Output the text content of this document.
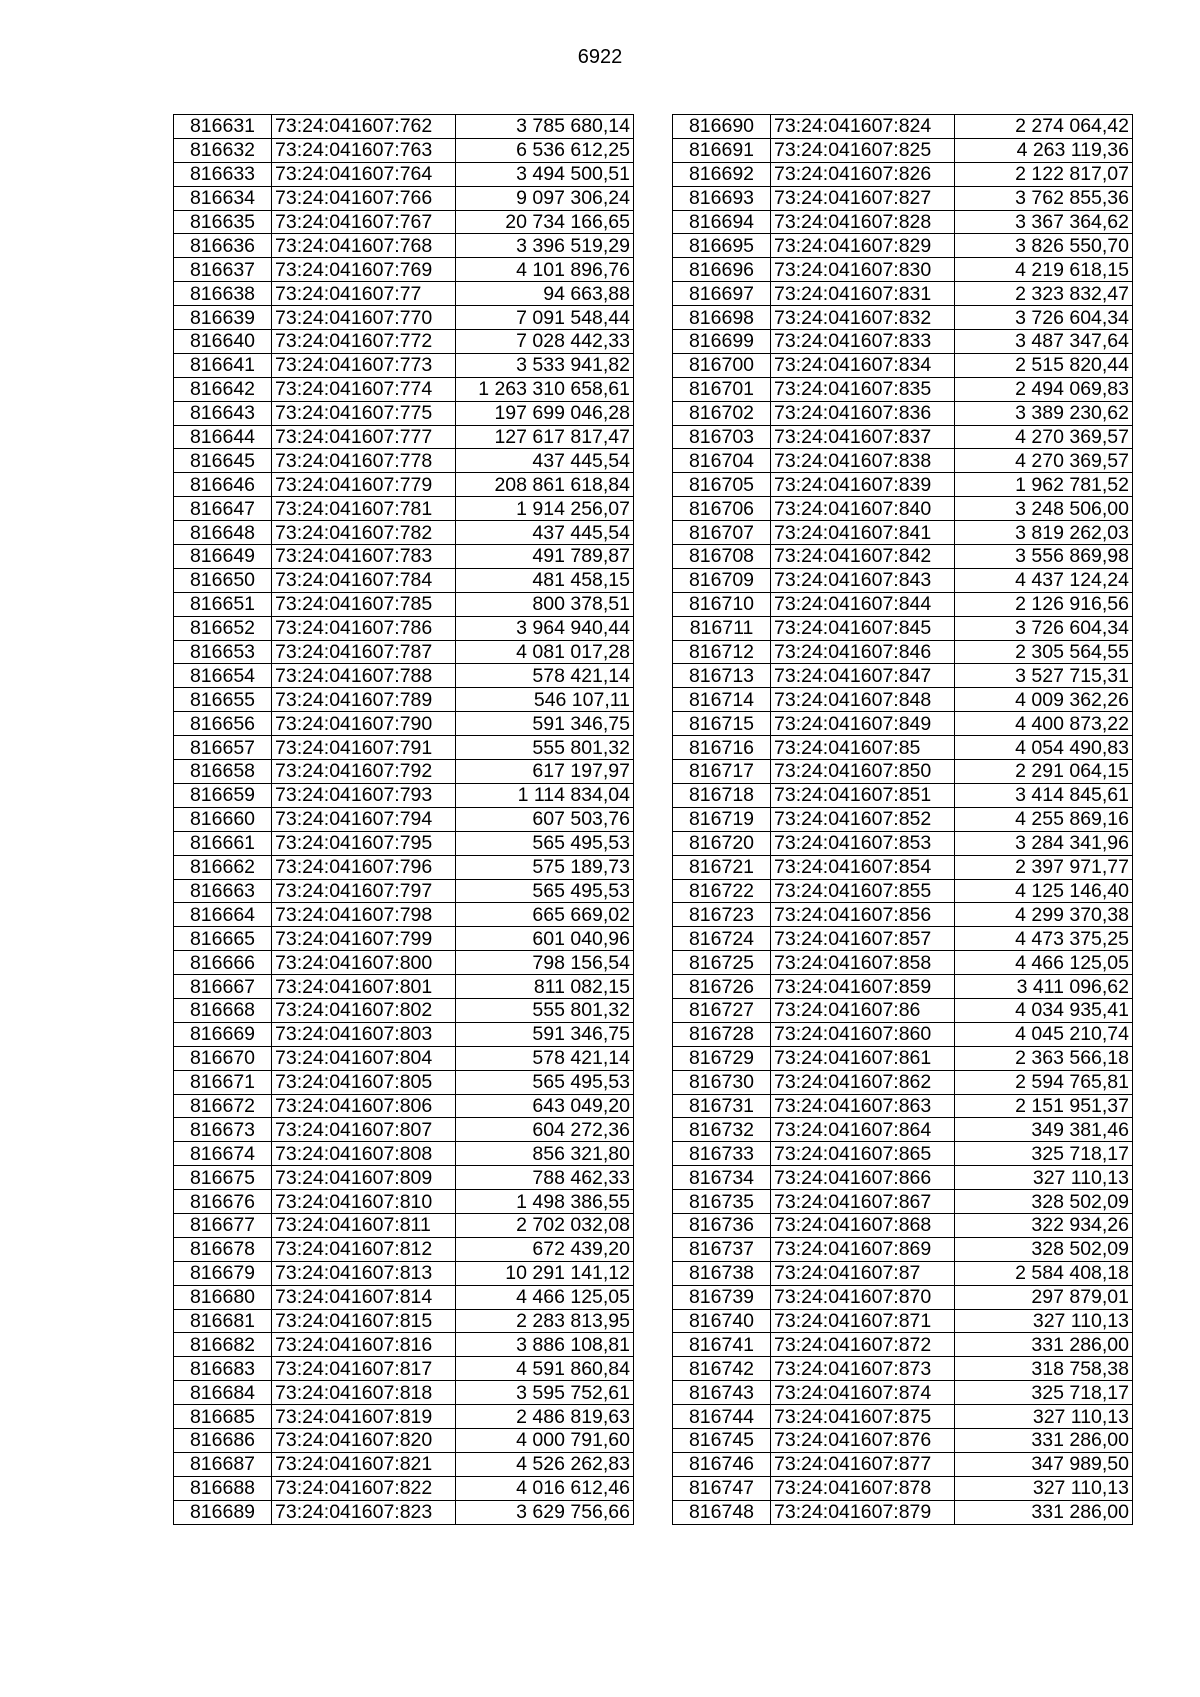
6922
816631	73:24:041607:762	3 785 680,14
816632	73:24:041607:763	6 536 612,25
816633	73:24:041607:764	3 494 500,51
816634	73:24:041607:766	9 097 306,24
816635	73:24:041607:767	20 734 166,65
816636	73:24:041607:768	3 396 519,29
816637	73:24:041607:769	4 101 896,76
816638	73:24:041607:77	94 663,88
816639	73:24:041607:770	7 091 548,44
816640	73:24:041607:772	7 028 442,33
816641	73:24:041607:773	3 533 941,82
816642	73:24:041607:774	1 263 310 658,61
816643	73:24:041607:775	197 699 046,28
816644	73:24:041607:777	127 617 817,47
816645	73:24:041607:778	437 445,54
816646	73:24:041607:779	208 861 618,84
816647	73:24:041607:781	1 914 256,07
816648	73:24:041607:782	437 445,54
816649	73:24:041607:783	491 789,87
816650	73:24:041607:784	481 458,15
816651	73:24:041607:785	800 378,51
816652	73:24:041607:786	3 964 940,44
816653	73:24:041607:787	4 081 017,28
816654	73:24:041607:788	578 421,14
816655	73:24:041607:789	546 107,11
816656	73:24:041607:790	591 346,75
816657	73:24:041607:791	555 801,32
816658	73:24:041607:792	617 197,97
816659	73:24:041607:793	1 114 834,04
816660	73:24:041607:794	607 503,76
816661	73:24:041607:795	565 495,53
816662	73:24:041607:796	575 189,73
816663	73:24:041607:797	565 495,53
816664	73:24:041607:798	665 669,02
816665	73:24:041607:799	601 040,96
816666	73:24:041607:800	798 156,54
816667	73:24:041607:801	811 082,15
816668	73:24:041607:802	555 801,32
816669	73:24:041607:803	591 346,75
816670	73:24:041607:804	578 421,14
816671	73:24:041607:805	565 495,53
816672	73:24:041607:806	643 049,20
816673	73:24:041607:807	604 272,36
816674	73:24:041607:808	856 321,80
816675	73:24:041607:809	788 462,33
816676	73:24:041607:810	1 498 386,55
816677	73:24:041607:811	2 702 032,08
816678	73:24:041607:812	672 439,20
816679	73:24:041607:813	10 291 141,12
816680	73:24:041607:814	4 466 125,05
816681	73:24:041607:815	2 283 813,95
816682	73:24:041607:816	3 886 108,81
816683	73:24:041607:817	4 591 860,84
816684	73:24:041607:818	3 595 752,61
816685	73:24:041607:819	2 486 819,63
816686	73:24:041607:820	4 000 791,60
816687	73:24:041607:821	4 526 262,83
816688	73:24:041607:822	4 016 612,46
816689	73:24:041607:823	3 629 756,66
816690	73:24:041607:824	2 274 064,42
816691	73:24:041607:825	4 263 119,36
816692	73:24:041607:826	2 122 817,07
816693	73:24:041607:827	3 762 855,36
816694	73:24:041607:828	3 367 364,62
816695	73:24:041607:829	3 826 550,70
816696	73:24:041607:830	4 219 618,15
816697	73:24:041607:831	2 323 832,47
816698	73:24:041607:832	3 726 604,34
816699	73:24:041607:833	3 487 347,64
816700	73:24:041607:834	2 515 820,44
816701	73:24:041607:835	2 494 069,83
816702	73:24:041607:836	3 389 230,62
816703	73:24:041607:837	4 270 369,57
816704	73:24:041607:838	4 270 369,57
816705	73:24:041607:839	1 962 781,52
816706	73:24:041607:840	3 248 506,00
816707	73:24:041607:841	3 819 262,03
816708	73:24:041607:842	3 556 869,98
816709	73:24:041607:843	4 437 124,24
816710	73:24:041607:844	2 126 916,56
816711	73:24:041607:845	3 726 604,34
816712	73:24:041607:846	2 305 564,55
816713	73:24:041607:847	3 527 715,31
816714	73:24:041607:848	4 009 362,26
816715	73:24:041607:849	4 400 873,22
816716	73:24:041607:85	4 054 490,83
816717	73:24:041607:850	2 291 064,15
816718	73:24:041607:851	3 414 845,61
816719	73:24:041607:852	4 255 869,16
816720	73:24:041607:853	3 284 341,96
816721	73:24:041607:854	2 397 971,77
816722	73:24:041607:855	4 125 146,40
816723	73:24:041607:856	4 299 370,38
816724	73:24:041607:857	4 473 375,25
816725	73:24:041607:858	4 466 125,05
816726	73:24:041607:859	3 411 096,62
816727	73:24:041607:86	4 034 935,41
816728	73:24:041607:860	4 045 210,74
816729	73:24:041607:861	2 363 566,18
816730	73:24:041607:862	2 594 765,81
816731	73:24:041607:863	2 151 951,37
816732	73:24:041607:864	349 381,46
816733	73:24:041607:865	325 718,17
816734	73:24:041607:866	327 110,13
816735	73:24:041607:867	328 502,09
816736	73:24:041607:868	322 934,26
816737	73:24:041607:869	328 502,09
816738	73:24:041607:87	2 584 408,18
816739	73:24:041607:870	297 879,01
816740	73:24:041607:871	327 110,13
816741	73:24:041607:872	331 286,00
816742	73:24:041607:873	318 758,38
816743	73:24:041607:874	325 718,17
816744	73:24:041607:875	327 110,13
816745	73:24:041607:876	331 286,00
816746	73:24:041607:877	347 989,50
816747	73:24:041607:878	327 110,13
816748	73:24:041607:879	331 286,00
